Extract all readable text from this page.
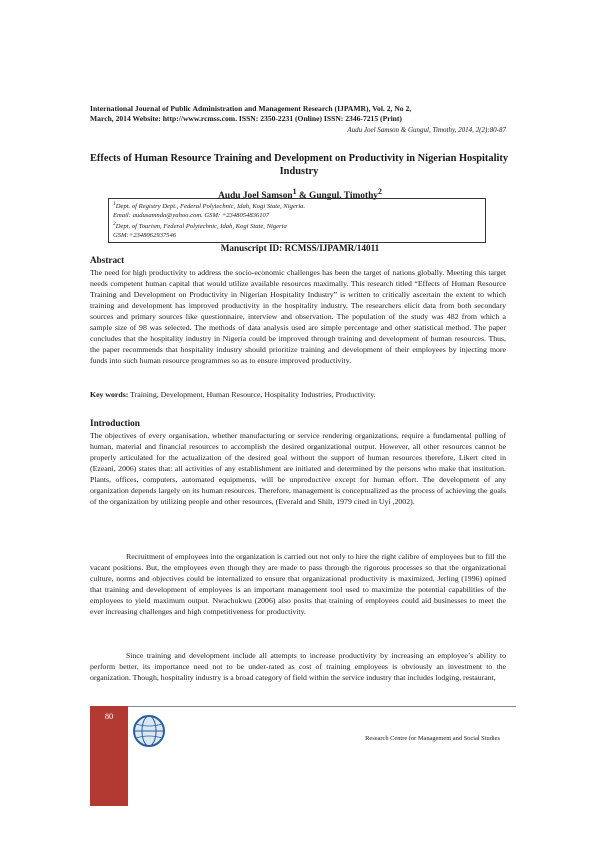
International Journal of Public Administration and Management Research (IJPAMR), Vol. 2, No 2,
March, 2014 Website: http://www.rcmss.com. ISSN: 2350-2231 (Online) ISSN: 2346-7215 (Print)
Audu Joel Samson & Gungul, Timothy, 2014, 2(2):80-87
Effects of Human Resource Training and Development on Productivity in Nigerian Hospitality Industry
Audu Joel Samson$^1$ & Gungul, Timothy$^2$
$^1$Dept. of Registry Dept., Federal Polytechnic, Idah, Kogi State, Nigeria.
Email: audusamnda@yahoo.com. GSM: +2348054836107
$^2$Dept. of Tourism, Federal Polytechnic, Idah, Kogi State, Nigeria
GSM:+2348062937546
Manuscript ID: RCMSS/IJPAMR/14011
Abstract
The need for high productivity to address the socio-economic challenges has been the target of nations globally. Meeting this target needs competent human capital that would utilize available resources maximally. This research titled “Effects of Human Resource Training and Development on Productivity in Nigerian Hospitality Industry” is written to critically ascertain the extent to which training and development has improved productivity in the hospitality industry. The researchers elicit data from both secondary sources and primary sources like questionnaire, interview and observation. The population of the study was 482 from which a sample size of 98 was selected. The methods of data analysis used are simple percentage and other statistical method. The paper concludes that the hospitality industry in Nigeria could be improved through training and development of human resources. Thus, the paper recommends that hospitality industry should prioritize training and development of their employees by injecting more funds into such human resource programmes so as to ensure improved productivity.
Key words: Training, Development, Human Resource, Hospitality Industries, Productivity.
Introduction
The objectives of every organisation, whether manufacturing or service rendering organizations, require a fundamental pulling of human, material and financial resources to accomplish the desired organizational output. However, all other resources cannot be properly articulated for the actualization of the desired goal without the support of human resources therefore, Likert cited in (Ezeani, 2006) states that: all activities of any establishment are initiated and determined by the persons who make that institution. Plants, offices, computers, automated equipments, will be unproductive except for human effort. The development of any organization depends largely on its human resources. Therefore, management is conceptualized as the process of achieving the goals of the organization by utilizing people and other resources, (Everald and Shilt, 1979 cited in Uyi ,2002).
Recruitment of employees into the organization is carried out not only to hire the right calibre of employees but to fill the vacant positions. But, the employees even though they are made to pass through the rigorous processes so that the organizational culture, norms and objectives could be internalized to ensure that organizational productivity is maximized, Jerling (1996) opined that training and development of employees is an important management tool used to maximize the potential capabilities of the employees to yield maximum output. Nwachukwu (2006) also posits that training of employees could aid businesses to meet the ever increasing challenges and high competitiveness for productivity.
Since training and development include all attempts to increase productivity by increasing an employee’s ability to perform better, its importance need not to be under-rated as cost of training employees is obviously an investment to the organization. Though, hospitality industry is a broad category of field within the service industry that includes lodging, restaurant,
80
Research Centre for Management and Social Studies
